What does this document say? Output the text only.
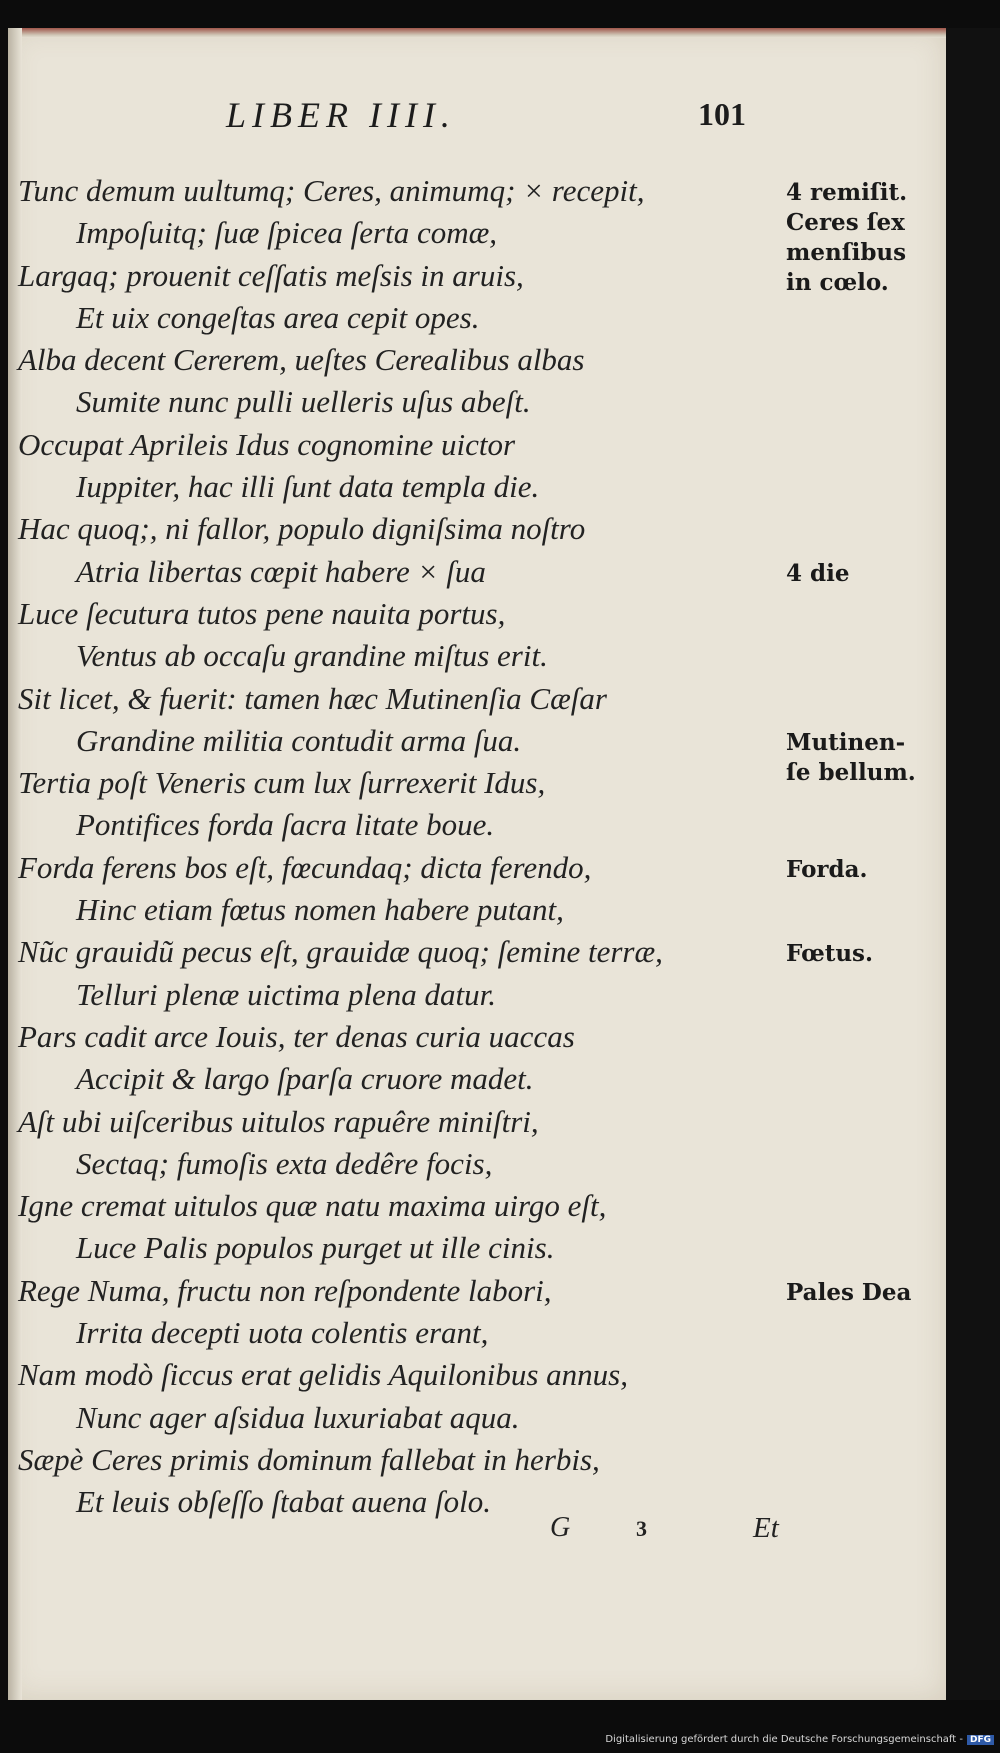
LIBER IIII.	101
Tunc demum uultumq; Ceres, animumq; × recepit,
Impoſuitq; ſuæ ſpicea ſerta comæ,
Largaq; prouenit ceſſatis meſsis in aruis,
Et uix congeſtas area cepit opes.
Alba decent Cererem, ueſtes Cerealibus albas
Sumite nunc pulli uelleris uſus abeſt.
Occupat Aprileis Idus cognomine uictor
Iuppiter, hac illi ſunt data templa die.
Hac quoq;, ni fallor, populo digniſsima noſtro
Atria libertas cœpit habere × ſua
Luce ſecutura tutos pene nauita portus,
Ventus ab occaſu grandine miſtus erit.
Sit licet, & fuerit: tamen hæc Mutinenſia Cæſar
Grandine militia contudit arma ſua.
Tertia poſt Veneris cum lux ſurrexerit Idus,
Pontifices forda ſacra litate boue.
Forda ferens bos eſt, fœcundaq; dicta ferendo,
Hinc etiam fœtus nomen habere putant,
Nũc grauidũ pecus eſt, grauidæ quoq; ſemine terræ,
Telluri plenæ uictima plena datur.
Pars cadit arce Iouis, ter denas curia uaccas
Accipit & largo ſparſa cruore madet.
Aſt ubi uiſceribus uitulos rapuêre miniſtri,
Sectaq; fumoſis exta dedêre focis,
Igne cremat uitulos quæ natu maxima uirgo eſt,
Luce Palis populos purget ut ille cinis.
Rege Numa, fructu non reſpondente labori,
Irrita decepti uota colentis erant,
Nam modò ſiccus erat gelidis Aquilonibus annus,
Nunc ager aſsidua luxuriabat aqua.
Sæpè Ceres primis dominum fallebat in herbis,
Et leuis obſeſſo ſtabat auena ſolo.
4 remiſit.
Ceres ſex
menſibus
in cœlo.
4 die
Mutinen-
ſe bellum.
Forda.
Fœtus.
Pales Dea
G	3	Et
Digitalisierung gefördert durch die Deutsche Forschungsgemeinschaft - DFG
